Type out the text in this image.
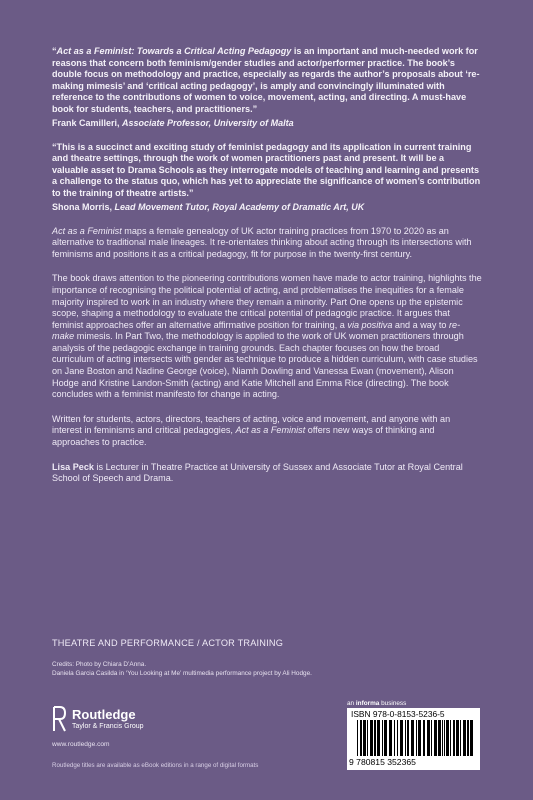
“Act as a Feminist: Towards a Critical Acting Pedagogy is an important and much-needed work for reasons that concern both feminism/gender studies and actor/performer practice. The book’s double focus on methodology and practice, especially as regards the author’s proposals about ‘re-making mimesis’ and ‘critical acting pedagogy’, is amply and convincingly illuminated with reference to the contributions of women to voice, movement, acting, and directing. A must-have book for students, teachers, and practitioners.”

Frank Camilleri, Associate Professor, University of Malta

“This is a succinct and exciting study of feminist pedagogy and its application in current training and theatre settings, through the work of women practitioners past and present. It will be a valuable asset to Drama Schools as they interrogate models of teaching and learning and presents a challenge to the status quo, which has yet to appreciate the significance of women’s contribution to the training of theatre artists.”

Shona Morris, Lead Movement Tutor, Royal Academy of Dramatic Art, UK

Act as a Feminist maps a female genealogy of UK actor training practices from 1970 to 2020 as an alternative to traditional male lineages. It re-orientates thinking about acting through its intersections with feminisms and positions it as a critical pedagogy, fit for purpose in the twenty-first century.

The book draws attention to the pioneering contributions women have made to actor training, highlights the importance of recognising the political potential of acting, and problematises the inequities for a female majority inspired to work in an industry where they remain a minority. Part One opens up the epistemic scope, shaping a methodology to evaluate the critical potential of pedagogic practice. It argues that feminist approaches offer an alternative affirmative position for training, a via positiva and a way to re-make mimesis. In Part Two, the methodology is applied to the work of UK women practitioners through analysis of the pedagogic exchange in training grounds. Each chapter focuses on how the broad curriculum of acting intersects with gender as technique to produce a hidden curriculum, with case studies on Jane Boston and Nadine George (voice), Niamh Dowling and Vanessa Ewan (movement), Alison Hodge and Kristine Landon-Smith (acting) and Katie Mitchell and Emma Rice (directing). The book concludes with a feminist manifesto for change in acting.

Written for students, actors, directors, teachers of acting, voice and movement, and anyone with an interest in feminisms and critical pedagogies, Act as a Feminist offers new ways of thinking and approaches to practice.

Lisa Peck is Lecturer in Theatre Practice at University of Sussex and Associate Tutor at Royal Central School of Speech and Drama.

THEATRE AND PERFORMANCE / ACTOR TRAINING
Credits: Photo by Chiara D’Anna.
Daniela Garcia Casilda in ‘You Looking at Me’ multimedia performance project by Ali Hodge.
Routledge
Taylor & Francis Group
www.routledge.com
Routledge titles are available as eBook editions in a range of digital formats
an informa business
ISBN 978-0-8153-5236-5
9 780815 352365
